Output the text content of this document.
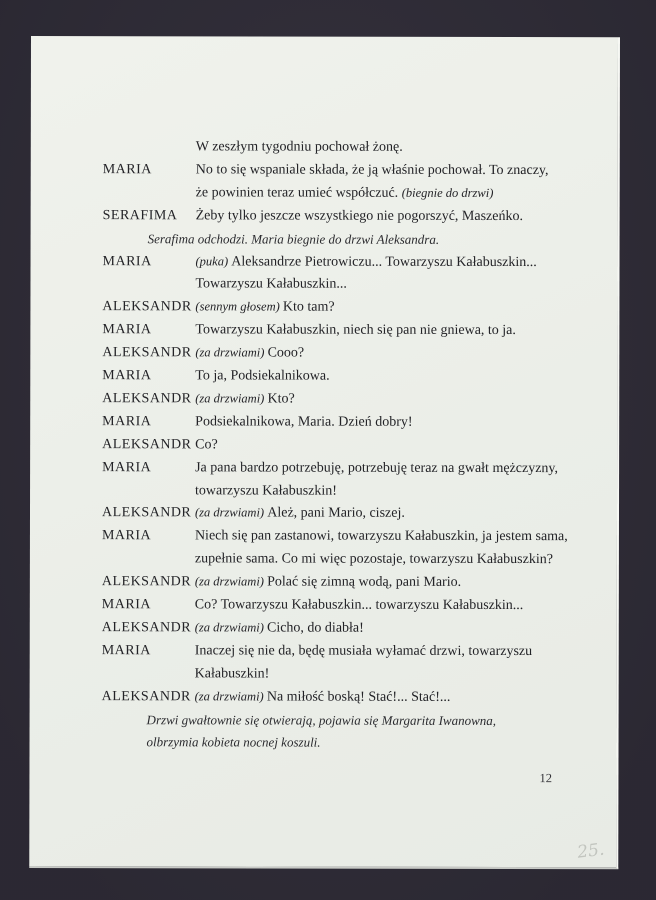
W zeszłym tygodniu pochował żonę.
MARIA	No to się wspaniale składa, że ją właśnie pochował. To znaczy,
że powinien teraz umieć współczuć. (biegnie do drzwi)
SERAFIMA Żeby tylko jeszcze wszystkiego nie pogorszyć, Maszeńko.
Serafima odchodzi. Maria biegnie do drzwi Aleksandra.
MARIA	(puka) Aleksandrze Pietrowiczu... Towarzyszu Kałabuszkin...
Towarzyszu Kałabuszkin...
ALEKSANDR (sennym głosem) Kto tam?
MARIA	Towarzyszu Kałabuszkin, niech się pan nie gniewa, to ja.
ALEKSANDR (za drzwiami) Cooo?
MARIA	To ja, Podsiekalnikowa.
ALEKSANDR (za drzwiami) Kto?
MARIA	Podsiekalnikowa, Maria. Dzień dobry!
ALEKSANDR Co?
MARIA	Ja pana bardzo potrzebuję, potrzebuję teraz na gwałt mężczyzny,
towarzyszu Kałabuszkin!
ALEKSANDR (za drzwiami) Ależ, pani Mario, ciszej.
MARIA	Niech się pan zastanowi, towarzyszu Kałabuszkin, ja jestem sama,
zupełnie sama. Co mi więc pozostaje, towarzyszu Kałabuszkin?
ALEKSANDR (za drzwiami) Polać się zimną wodą, pani Mario.
MARIA	Co? Towarzyszu Kałabuszkin... towarzyszu Kałabuszkin...
ALEKSANDR (za drzwiami) Cicho, do diabła!
MARIA	Inaczej się nie da, będę musiała wyłamać drzwi, towarzyszu
Kałabuszkin!
ALEKSANDR (za drzwiami) Na miłość boską! Stać!... Stać!...
Drzwi gwałtownie się otwierają, pojawia się Margarita Iwanowna,
olbrzymia kobieta nocnej koszuli.
12
25.
